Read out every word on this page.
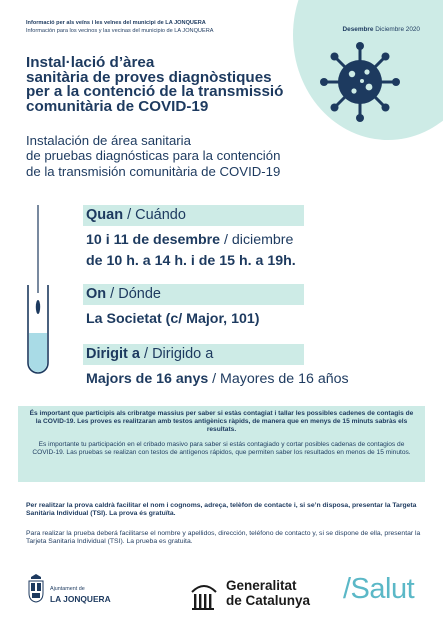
Informació per als veïns i les veïnes del municipi de LA JONQUERA
Información para los vecinos y las vecinas del municipio de LA JONQUERA	Desembre Diciembre 2020
Instal·lació d’àrea
sanitària de proves diagnòstiques
per a la contenció de la transmissió
comunitària de COVID-19
Instalación de área sanitaria
de pruebas diagnósticas para la contención
de la transmisión comunitària de COVID-19
Quan / Cuándo
10 i 11 de desembre / diciembre
de 10 h. a 14 h. i de 15 h. a 19h.
On / Dónde
La Societat (c/ Major, 101)
Dirigit a / Dirigido a
Majors de 16 anys / Mayores de 16 años

És important que participis als cribratge massius per saber si estàs contagiat i tallar les possibles cadenes de contagis de la COVID-19. Les proves es realitzaran amb testos antigènics ràpids, de manera que en menys de 15 minuts sabràs els resultats.

Es importante tu participación en el cribado masivo para saber si estás contagiado y cortar posibles cadenas de contagios de COVID-19. Las pruebas se realizan con testos de antígenos rápidos, que permiten saber los resultados en menos de 15 minutos.

Per realitzar la prova caldrà facilitar el nom i cognoms, adreça, telèfon de contacte i, si se’n disposa, presentar la Targeta Sanitària Individual (TSI). La prova és gratuïta.

Para realizar la prueba deberá facilitarse el nombre y apellidos, dirección, teléfono de contacto y, si se dispone de ella, presentar la Tarjeta Sanitaria Individual (TSI). La prueba es gratuita.

Ajuntament de
LA JONQUERA
Generalitat
de Catalunya /Salut
